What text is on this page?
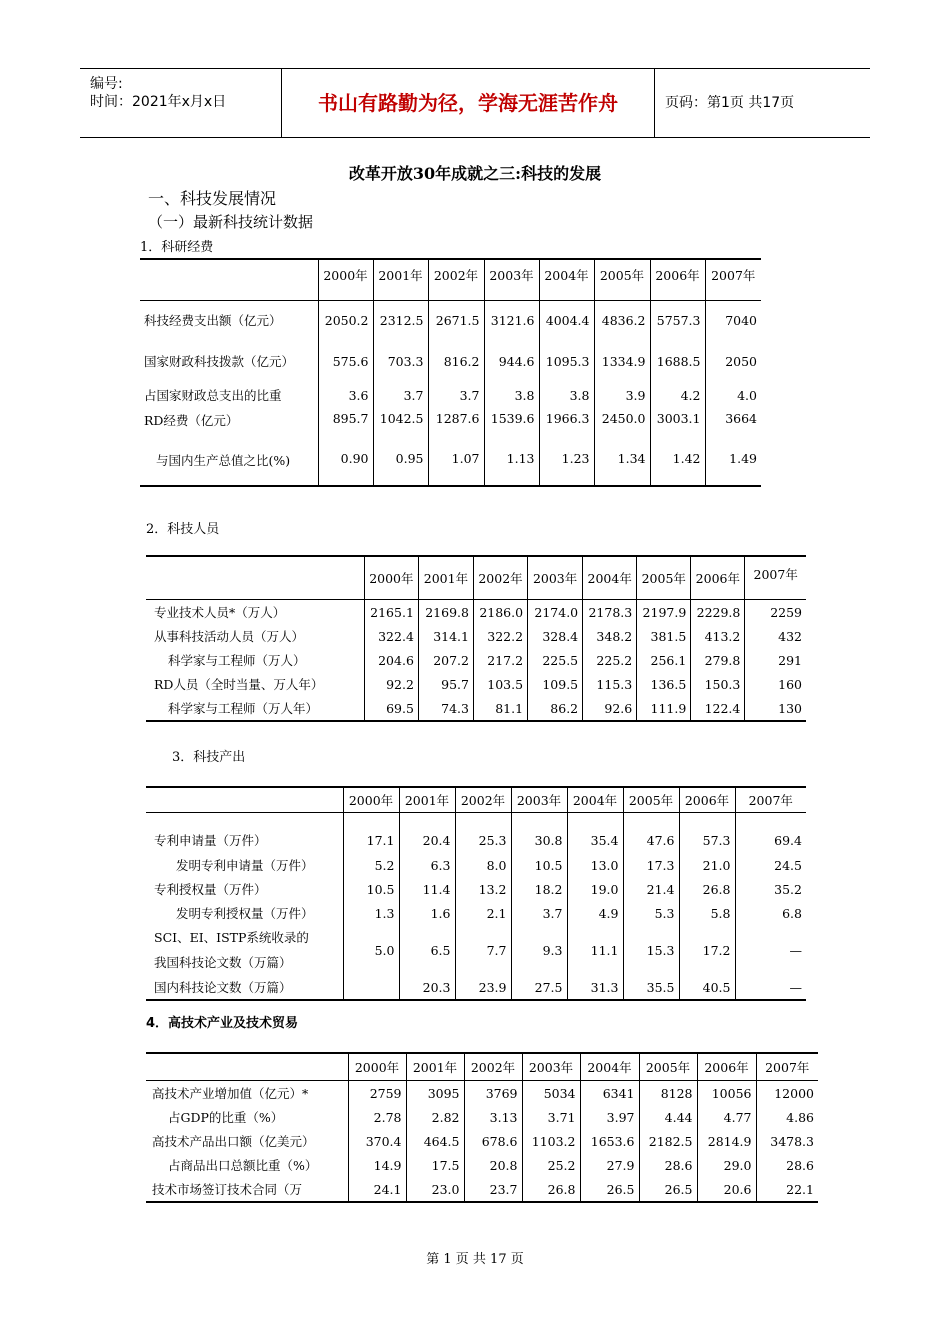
编号:
时间：2021年x月x日	书山有路勤为径，学海无涯苦作舟	页码：第1页 共17页
改革开放30年成就之三:科技的发展
一、科技发展情况
（一）最新科技统计数据
1．科研经费
	2000年	2001年	2002年	2003年	2004年	2005年	2006年	2007年
科技经费支出额（亿元）	2050.2	2312.5	2671.5	3121.6	4004.4	4836.2	5757.3	7040
国家财政科技拨款（亿元）	575.6	703.3	816.2	944.6	1095.3	1334.9	1688.5	2050
占国家财政总支出的比重	3.6	3.7	3.7	3.8	3.8	3.9	4.2	4.0
RD经费（亿元）	895.7	1042.5	1287.6	1539.6	1966.3	2450.0	3003.1	3664
与国内生产总值之比(%)	0.90	0.95	1.07	1.13	1.23	1.34	1.42	1.49
2．科技人员
	2000年	2001年	2002年	2003年	2004年	2005年	2006年	2007年
专业技术人员*（万人）	2165.1	2169.8	2186.0	2174.0	2178.3	2197.9	2229.8	2259
从事科技活动人员（万人）	322.4	314.1	322.2	328.4	348.2	381.5	413.2	432
科学家与工程师（万人）	204.6	207.2	217.2	225.5	225.2	256.1	279.8	291
RD人员（全时当量、万人年）	92.2	95.7	103.5	109.5	115.3	136.5	150.3	160
科学家与工程师（万人年）	69.5	74.3	81.1	86.2	92.6	111.9	122.4	130
3．科技产出
	2000年	2001年	2002年	2003年	2004年	2005年	2006年	2007年
专利申请量（万件）	17.1	20.4	25.3	30.8	35.4	47.6	57.3	69.4
发明专利申请量（万件）	5.2	6.3	8.0	10.5	13.0	17.3	21.0	24.5
专利授权量（万件）	10.5	11.4	13.2	18.2	19.0	21.4	26.8	35.2
发明专利授权量（万件）	1.3	1.6	2.1	3.7	4.9	5.3	5.8	6.8

SCI、EI、ISTP系统收录的
我国科技论文数（万篇）	5.0	6.5	7.7	9.3	11.1	15.3	17.2	—
国内科技论文数（万篇）		20.3	23.9	27.5	31.3	35.5	40.5	—
4．高技术产业及技术贸易
	2000年	2001年	2002年	2003年	2004年	2005年	2006年	2007年
高技术产业增加值（亿元）*	2759	3095	3769	5034	6341	8128	10056	12000
占GDP的比重（%）	2.78	2.82	3.13	3.71	3.97	4.44	4.77	4.86
高技术产品出口额（亿美元）	370.4	464.5	678.6	1103.2	1653.6	2182.5	2814.9	3478.3
占商品出口总额比重（%）	14.9	17.5	20.8	25.2	27.9	28.6	29.0	28.6
技术市场签订技术合同（万	24.1	23.0	23.7	26.8	26.5	26.5	20.6	22.1
第 1 页 共 17 页
